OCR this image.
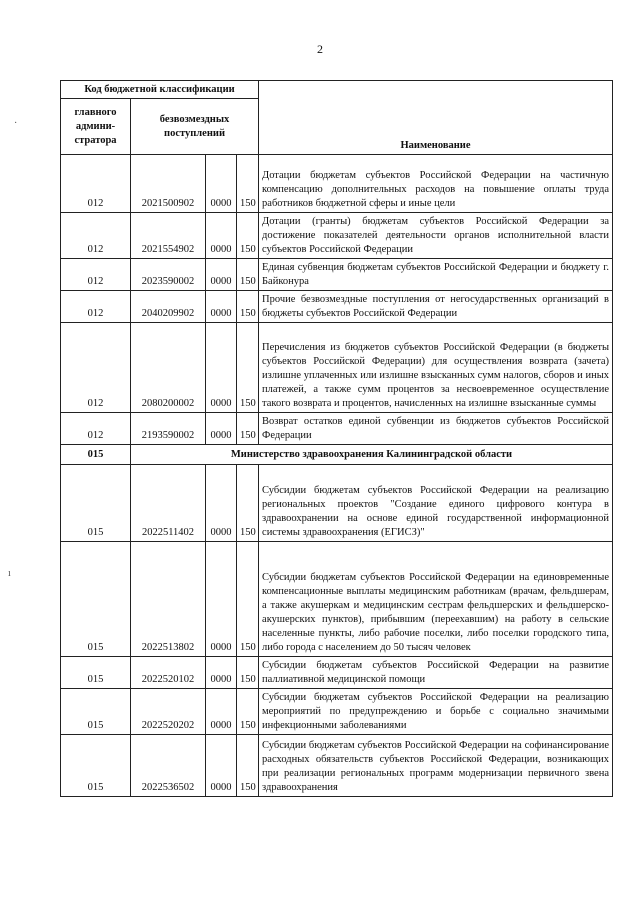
2
·
ı
Код бюджетной классификации				Наименование
главного админи-стратора	безвозмездных поступлений			
012	2021500902	0000	150	Дотации бюджетам субъектов Российской Федерации на частичную компенсацию дополнительных расходов на повышение оплаты труда работников бюджетной сферы и иные цели
012	2021554902	0000	150	Дотации (гранты) бюджетам субъектов Российской Федерации за достижение показателей деятельности органов исполнительной власти субъектов Российской Федерации
012	2023590002	0000	150	Единая субвенция бюджетам субъектов Российской Федерации и бюджету г. Байконура
012	2040209902	0000	150	Прочие безвозмездные поступления от негосударственных организаций в бюджеты субъектов Российской Федерации
012	2080200002	0000	150	Перечисления из бюджетов субъектов Российской Федерации (в бюджеты субъектов Российской Федерации) для осуществления возврата (зачета) излишне уплаченных или излишне взысканных сумм налогов, сборов и иных платежей, а также сумм процентов за несвоевременное осуществление такого возврата и процентов, начисленных на излишне взысканные суммы
012	2193590002	0000	150	Возврат остатков единой субвенции из бюджетов субъектов Российской Федерации
015	Министерство здравоохранения Калининградской области			
015	2022511402	0000	150	Субсидии бюджетам субъектов Российской Федерации на реализацию региональных проектов "Создание единого цифрового контура в здравоохранении на основе единой государственной информационной системы здравоохранения (ЕГИСЗ)"
015	2022513802	0000	150	Субсидии бюджетам субъектов Российской Федерации на единовременные компенсационные выплаты медицинским работникам (врачам, фельдшерам, а также акушеркам и медицинским сестрам фельдшерских и фельдшерско-акушерских пунктов), прибывшим (переехавшим) на работу в сельские населенные пункты, либо рабочие поселки, либо поселки городского типа, либо города с населением до 50 тысяч человек
015	2022520102	0000	150	Субсидии бюджетам субъектов Российской Федерации на развитие паллиативной медицинской помощи
015	2022520202	0000	150	Субсидии бюджетам субъектов Российской Федерации на реализацию мероприятий по предупреждению и борьбе с социально значимыми инфекционными заболеваниями
015	2022536502	0000	150	Субсидии бюджетам субъектов Российской Федерации на софинансирование расходных обязательств субъектов Российской Федерации, возникающих при реализации региональных программ модернизации первичного звена здравоохранения
